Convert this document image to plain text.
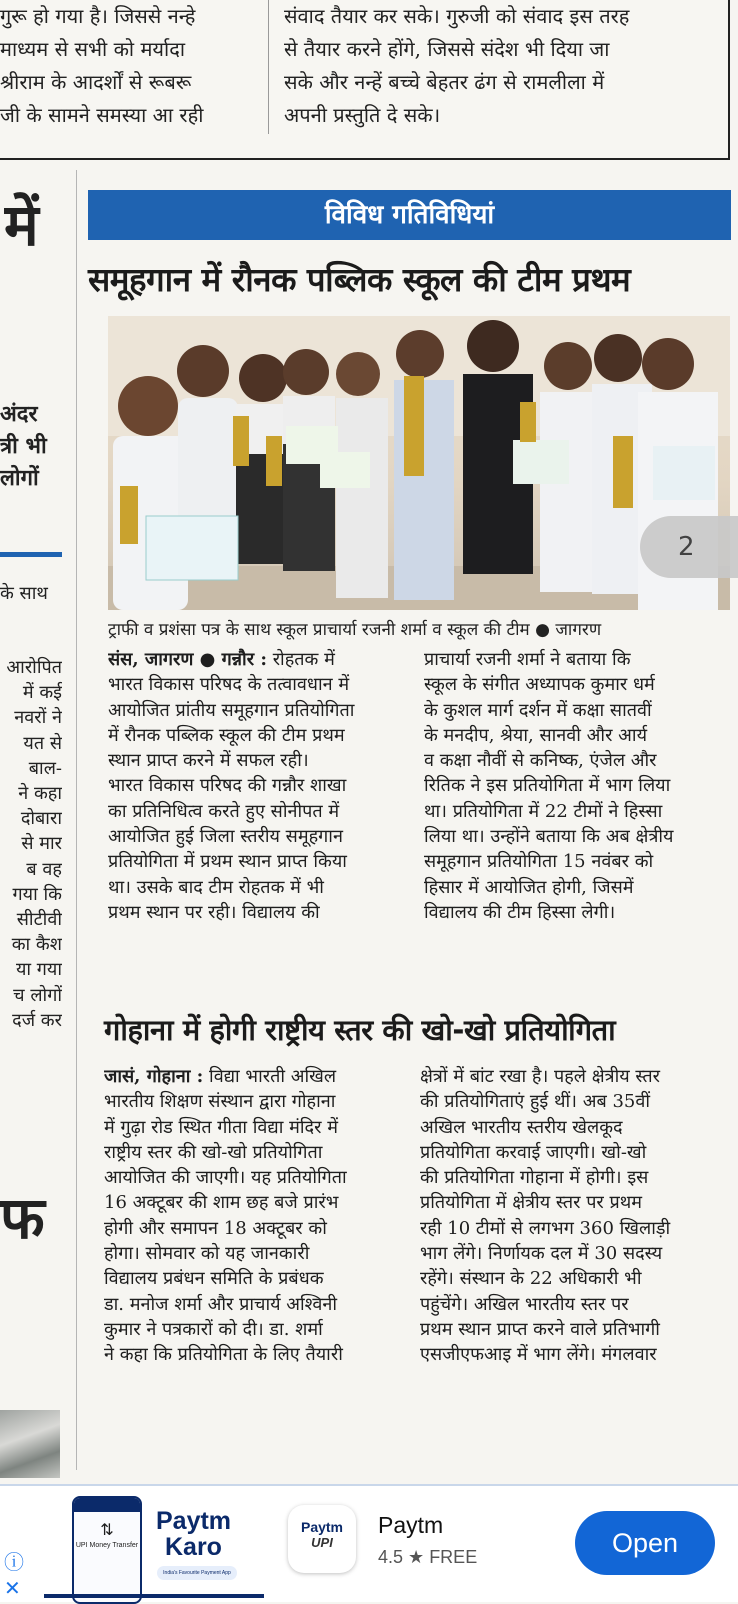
गुरू हो गया है। जिससे नन्हे
माध्यम से सभी को मर्यादा
श्रीराम के आदर्शों से रूबरू
जी के सामने समस्या आ रही
संवाद तैयार कर सके। गुरुजी को संवाद इस तरह
से तैयार करने होंगे, जिससे संदेश भी दिया जा
सके और नन्हें बच्चे बेहतर ढंग से रामलीला में
अपनी प्रस्तुति दे सके।
में
अंदर
त्री भी
लोगों
के साथ
आरोपित
में कई
नवरों ने
यत से
बाल-
ने कहा
दोबारा
से मार
ब वह
गया कि
सीटीवी
का कैश
या गया
च लोगों
दर्ज कर
फ
विविध गतिविधियां
समूहगान में रौनक पब्लिक स्कूल की टीम प्रथम
2
ट्राफी व प्रशंसा पत्र के साथ स्कूल प्राचार्या रजनी शर्मा व स्कूल की टीम ● जागरण
संस, जागरण ● गन्नौर : रोहतक में
भारत विकास परिषद के तत्वावधान में
आयोजित प्रांतीय समूहगान प्रतियोगिता
में रौनक पब्लिक स्कूल की टीम प्रथम
स्थान प्राप्त करने में सफल रही।
भारत विकास परिषद की गन्नौर शाखा
का प्रतिनिधित्व करते हुए सोनीपत में
आयोजित हुई जिला स्तरीय समूहगान
प्रतियोगिता में प्रथम स्थान प्राप्त किया
था। उसके बाद टीम रोहतक में भी
प्रथम स्थान पर रही। विद्यालय की
प्राचार्या रजनी शर्मा ने बताया कि
स्कूल के संगीत अध्यापक कुमार धर्म
के कुशल मार्ग दर्शन में कक्षा सातवीं
के मनदीप, श्रेया, सानवी और आर्य
व कक्षा नौवीं से कनिष्क, एंजेल और
रितिक ने इस प्रतियोगिता में भाग लिया
था। प्रतियोगिता में 22 टीमों ने हिस्सा
लिया था। उन्होंने बताया कि अब क्षेत्रीय
समूहगान प्रतियोगिता 15 नवंबर को
हिसार में आयोजित होगी, जिसमें
विद्यालय की टीम हिस्सा लेगी।
गोहाना में होगी राष्ट्रीय स्तर की खो-खो प्रतियोगिता
जासं, गोहाना : विद्या भारती अखिल
भारतीय शिक्षण संस्थान द्वारा गोहाना
में गुढ़ा रोड स्थित गीता विद्या मंदिर में
राष्ट्रीय स्तर की खो-खो प्रतियोगिता
आयोजित की जाएगी। यह प्रतियोगिता
16 अक्टूबर की शाम छह बजे प्रारंभ
होगी और समापन 18 अक्टूबर को
होगा। सोमवार को यह जानकारी
विद्यालय प्रबंधन समिति के प्रबंधक
डा. मनोज शर्मा और प्राचार्य अश्विनी
कुमार ने पत्रकारों को दी। डा. शर्मा
ने कहा कि प्रतियोगिता के लिए तैयारी
क्षेत्रों में बांट रखा है। पहले क्षेत्रीय स्तर
की प्रतियोगिताएं हुई थीं। अब 35वीं
अखिल भारतीय स्तरीय खेलकूद
प्रतियोगिता करवाई जाएगी। खो-खो
की प्रतियोगिता गोहाना में होगी। इस
प्रतियोगिता में क्षेत्रीय स्तर पर प्रथम
रही 10 टीमों से लगभग 360 खिलाड़ी
भाग लेंगे। निर्णायक दल में 30 सदस्य
रहेंगे। संस्थान के 22 अधिकारी भी
पहुंचेंगे। अखिल भारतीय स्तर पर
प्रथम स्थान प्राप्त करने वाले प्रतिभागी
एसजीएफआइ में भाग लेंगे। मंगलवार
⇅
UPI Money Transfer
Paytm
Karo
India's Favourite Payment App
Paytm
UPI
Paytm
4.5 ★ FREE	Open
ⓘ
✕
